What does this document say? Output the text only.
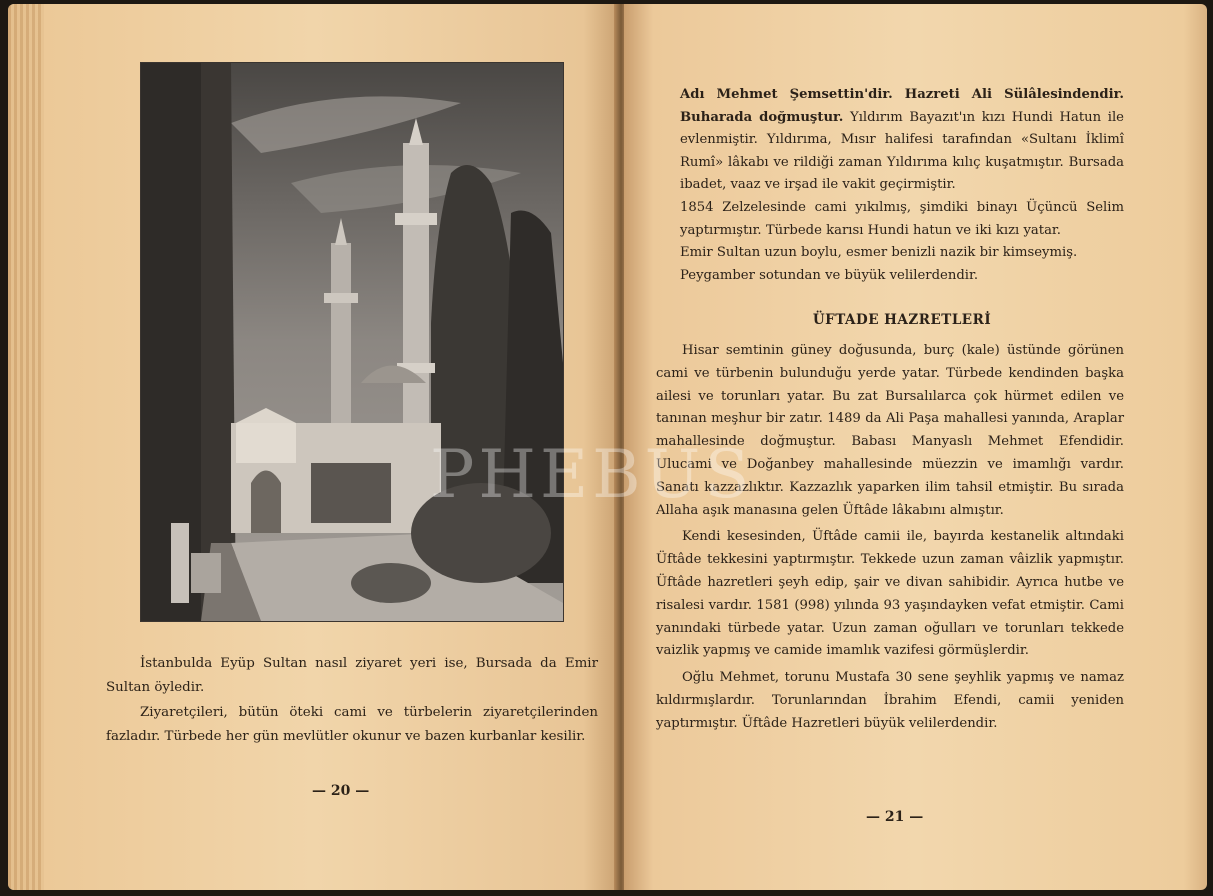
İstanbulda Eyüp Sultan nasıl ziyaret yeri ise, Bursada da Emir Sultan öyledir.

Ziyaretçileri, bütün öteki cami ve türbelerin ziyaretçilerinden fazladır. Türbede her gün mevlütler okunur ve bazen kurbanlar kesilir.

— 20 —

Adı Mehmet Şemsettin'dir. Hazreti Ali Sülâlesindendir. Buharada doğmuştur. Yıldırım Bayazıt'ın kızı Hundi Hatun ile evlenmiştir. Yıldırıma, Mısır halifesi tarafından «Sultanı İklimî Rumî» lâkabı ve rildiği zaman Yıldırıma kılıç kuşatmıştır. Bursada ibadet, vaaz ve irşad ile vakit geçirmiştir.

1854 Zelzelesinde cami yıkılmış, şimdiki binayı Üçüncü Selim yaptırmıştır. Türbede karısı Hundi hatun ve iki kızı yatar.

Emir Sultan uzun boylu, esmer benizli nazik bir kimseymiş.

Peygamber sotundan ve büyük velilerdendir.

ÜFTADE HAZRETLERİ

Hisar semtinin güney doğusunda, burç (kale) üstünde görünen cami ve türbenin bulunduğu yerde yatar. Türbede kendinden başka ailesi ve torunları yatar. Bu zat Bursalılarca çok hürmet edilen ve tanınan meşhur bir zatır. 1489 da Ali Paşa mahallesi yanında, Araplar mahallesinde doğmuştur. Babası Manyaslı Mehmet Efendidir. Ulucami ve Doğanbey mahallesinde müezzin ve imamlığı vardır. Sanatı kazzazlıktır. Kazzazlık yaparken ilim tahsil etmiştir. Bu sırada Allaha aşık manasına gelen Üftâde lâkabını almıştır.

Kendi kesesinden, Üftâde camii ile, bayırda kestanelik altındaki Üftâde tekkesini yaptırmıştır. Tekkede uzun zaman vâizlik yapmıştır. Üftâde hazretleri şeyh edip, şair ve divan sahibidir. Ayrıca hutbe ve risalesi vardır. 1581 (998) yılında 93 yaşındayken vefat etmiştir. Cami yanındaki türbede yatar. Uzun zaman oğulları ve torunları tekkede vaizlik yapmış ve camide imamlık vazifesi görmüşlerdir.

Oğlu Mehmet, torunu Mustafa 30 sene şeyhlik yapmış ve namaz kıldırmışlardır. Torunlarından İbrahim Efendi, camii yeniden yaptırmıştır. Üftâde Hazretleri büyük velilerdendir.

— 21 —
PHEBUS
